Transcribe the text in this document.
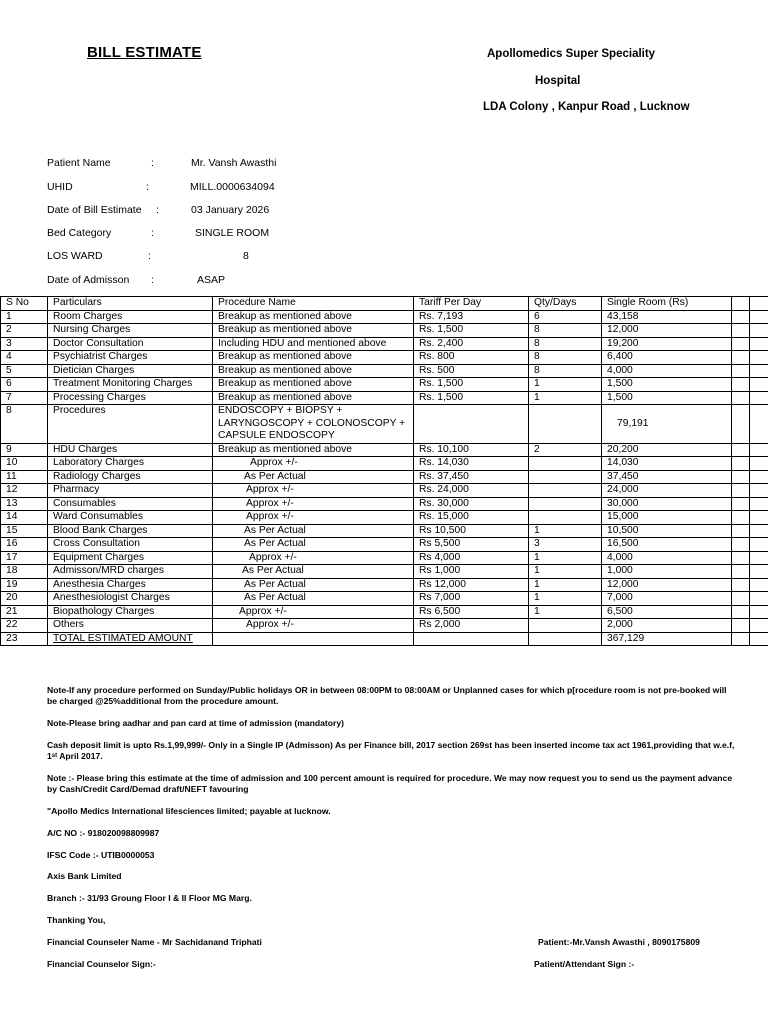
BILL ESTIMATE	Apollomedics Super Speciality
Hospital
LDA Colony , Kanpur Road , Lucknow
Patient Name	:	Mr. Vansh Awasthi
UHID	:	MILL.0000634094
Date of Bill Estimate :	03 January 2026
Bed Category	:	SINGLE ROOM
LOS WARD	:	8
Date of Admisson :	ASAP
S No	Particulars	Procedure Name	Tariff Per Day	Qty/Days	Single Room (Rs)		
1	Room Charges	Breakup as mentioned above	Rs. 7,193	6	43,158		
2	Nursing Charges	Breakup as mentioned above	Rs. 1,500	8	12,000		
3	Doctor Consultation	Including HDU and mentioned above	Rs. 2,400	8	19,200		
4	Psychiatrist Charges	Breakup as mentioned above	Rs. 800	8	6,400		
5	Dietician Charges	Breakup as mentioned above	Rs. 500	8	4,000		
6	Treatment Monitoring Charges	Breakup as mentioned above	Rs. 1,500	1	1,500		
7	Processing Charges	Breakup as mentioned above	Rs. 1,500	1	1,500		
8	Procedures	ENDOSCOPY + BIOPSY + LARYNGOSCOPY + COLONOSCOPY + CAPSULE ENDOSCOPY			79,191		
9	HDU Charges	Breakup as mentioned above	Rs. 10,100	2	20,200		
10	Laboratory Charges	Approx +/-	Rs. 14,030		14,030		
11	Radiology Charges	As Per Actual	Rs. 37,450		37,450		
12	Pharmacy	Approx +/-	Rs. 24,000		24,000		
13	Consumables	Approx +/-	Rs. 30,000		30,000		
14	Ward Consumables	Approx +/-	Rs. 15,000		15,000		
15	Blood Bank Charges	As Per Actual	Rs 10,500	1	10,500		
16	Cross Consultation	As Per Actual	Rs 5,500	3	16,500		
17	Equipment Charges	Approx +/-	Rs 4,000	1	4,000		
18	Admisson/MRD charges	As Per Actual	Rs 1,000	1	1,000		
19	Anesthesia Charges	As Per Actual	Rs 12,000	1	12,000		
20	Anesthesiologist Charges	As Per Actual	Rs 7,000	1	7,000		
21	Biopathology Charges	Approx +/-	Rs 6,500	1	6,500		
22	Others	Approx +/-	Rs 2,000		2,000		
23	TOTAL ESTIMATED AMOUNT				367,129		

Note-If any procedure performed on Sunday/Public holidays OR in between 08:00PM to 08:00AM or Unplanned cases for which p[rocedure room is not pre-booked will be charged @25%additional from the procedure amount.

Note-Please bring aadhar and pan card at time of admission (mandatory)

Cash deposit limit is upto Rs.1,99,999/- Only in a Single IP (Admisson) As per Finance bill, 2017 section 269st has been inserted income tax act 1961,providing that w.e.f, 1st April 2017.

Note :- Please bring this estimate at the time of admission and 100 percent amount is required for procedure. We may now request you to send us the payment advance by Cash/Credit Card/Demad draft/NEFT favouring

"Apollo Medics International lifesciences limited; payable at lucknow.

A/C NO :- 918020098809987

IFSC Code :- UTIB0000053

Axis Bank Limited

Branch :- 31/93 Groung Floor I & II Floor MG Marg.

Thanking You,

Financial Counseler Name - Mr Sachidanand Triphati

Financial Counselor Sign:-

Patient:-Mr.Vansh Awasthi , 8090175809
Patient/Attendant Sign :-
